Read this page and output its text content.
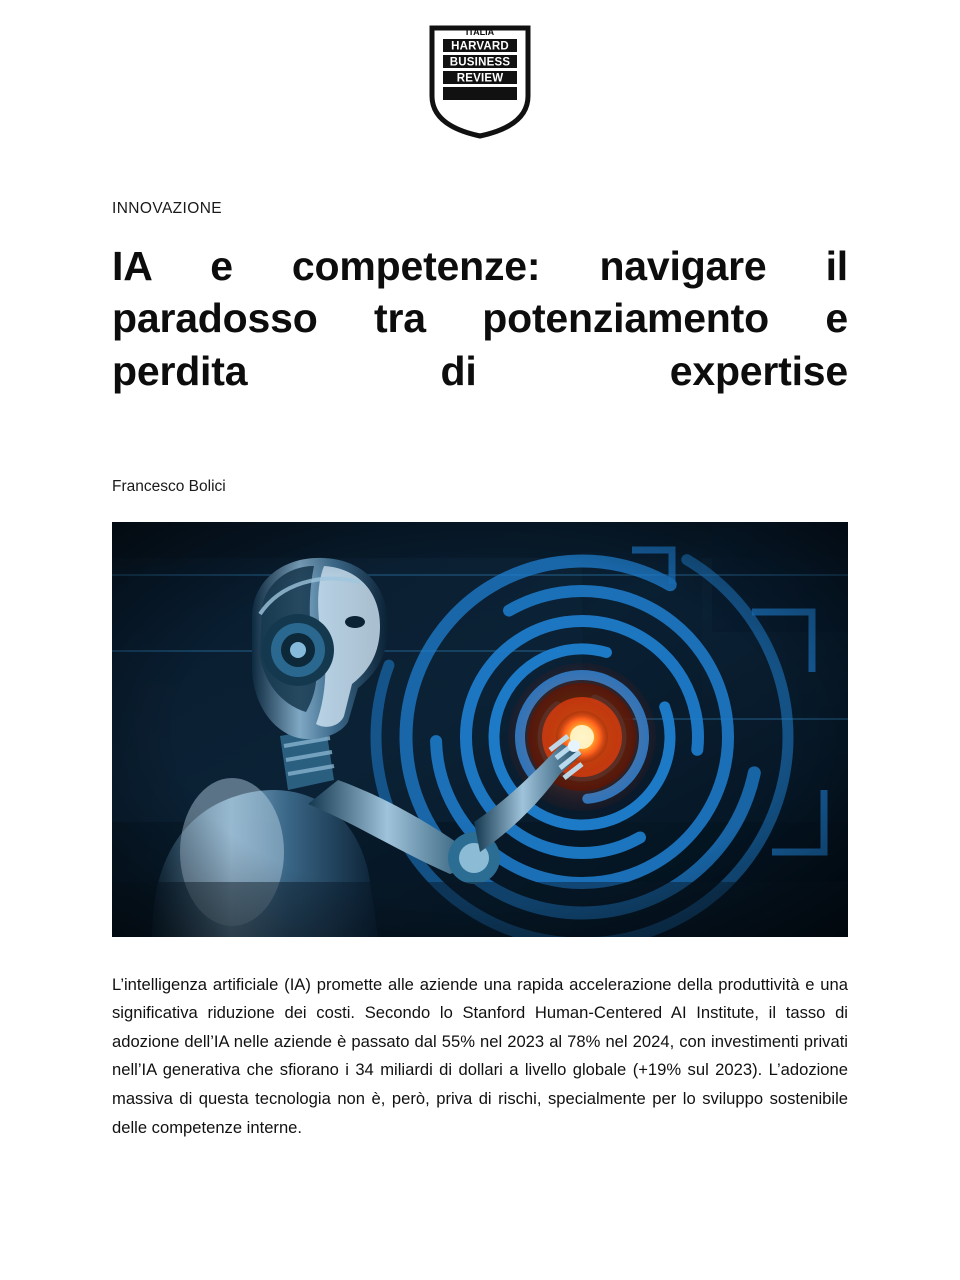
ITALIA
HARVARD
BUSINESS
REVIEW
INNOVAZIONE
IA e competenze: navigare il paradosso tra potenziamento e perdita di expertise
Francesco Bolici

L’intelligenza artificiale (IA) promette alle aziende una rapida accelerazione della produttività e una significativa riduzione dei costi. Secondo lo Stanford Human-Centered AI Institute, il tasso di adozione dell’IA nelle aziende è passato dal 55% nel 2023 al 78% nel 2024, con investimenti privati nell’IA generativa che sfiorano i 34 miliardi di dollari a livello globale (+19% sul 2023). L’adozione massiva di questa tecnologia non è, però, priva di rischi, specialmente per lo sviluppo sostenibile delle competenze interne.
